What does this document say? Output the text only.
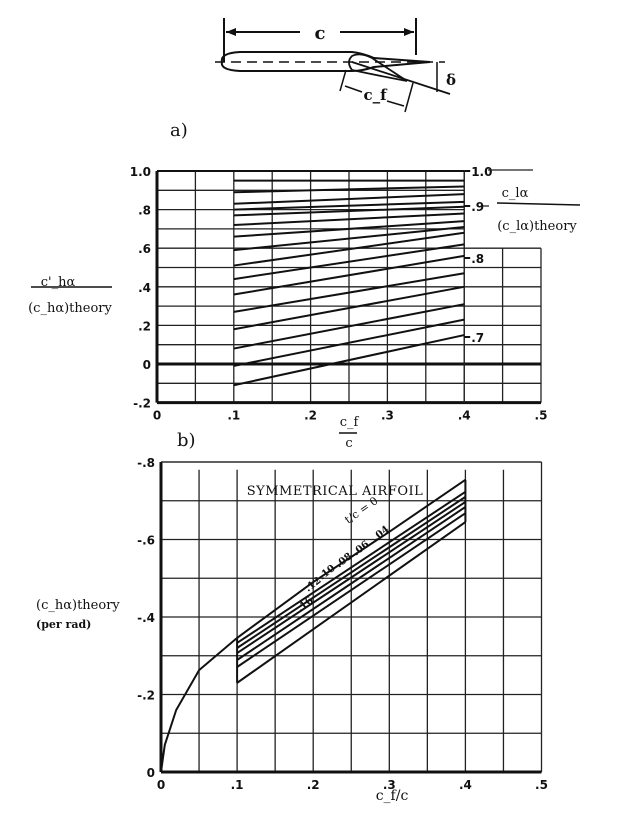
c
c_f
δ
a)
1.0
.8
.6
.4
.2
0
-.2
0	.1	.2	.3	.4	.5
1.0
.9
.8
.7
c_lα
(c_lα)theory
c'_hα
(c_hα)theory
c_f
c
b)
-.8
-.6
-.4
-.2
0
0	.1	.2	.3	.4	.5
SYMMETRICAL AIRFOIL
t/c = 0
.04
.06
.08
.10
.12
.16
(c_hα)theory
(per rad)
c_f/c
